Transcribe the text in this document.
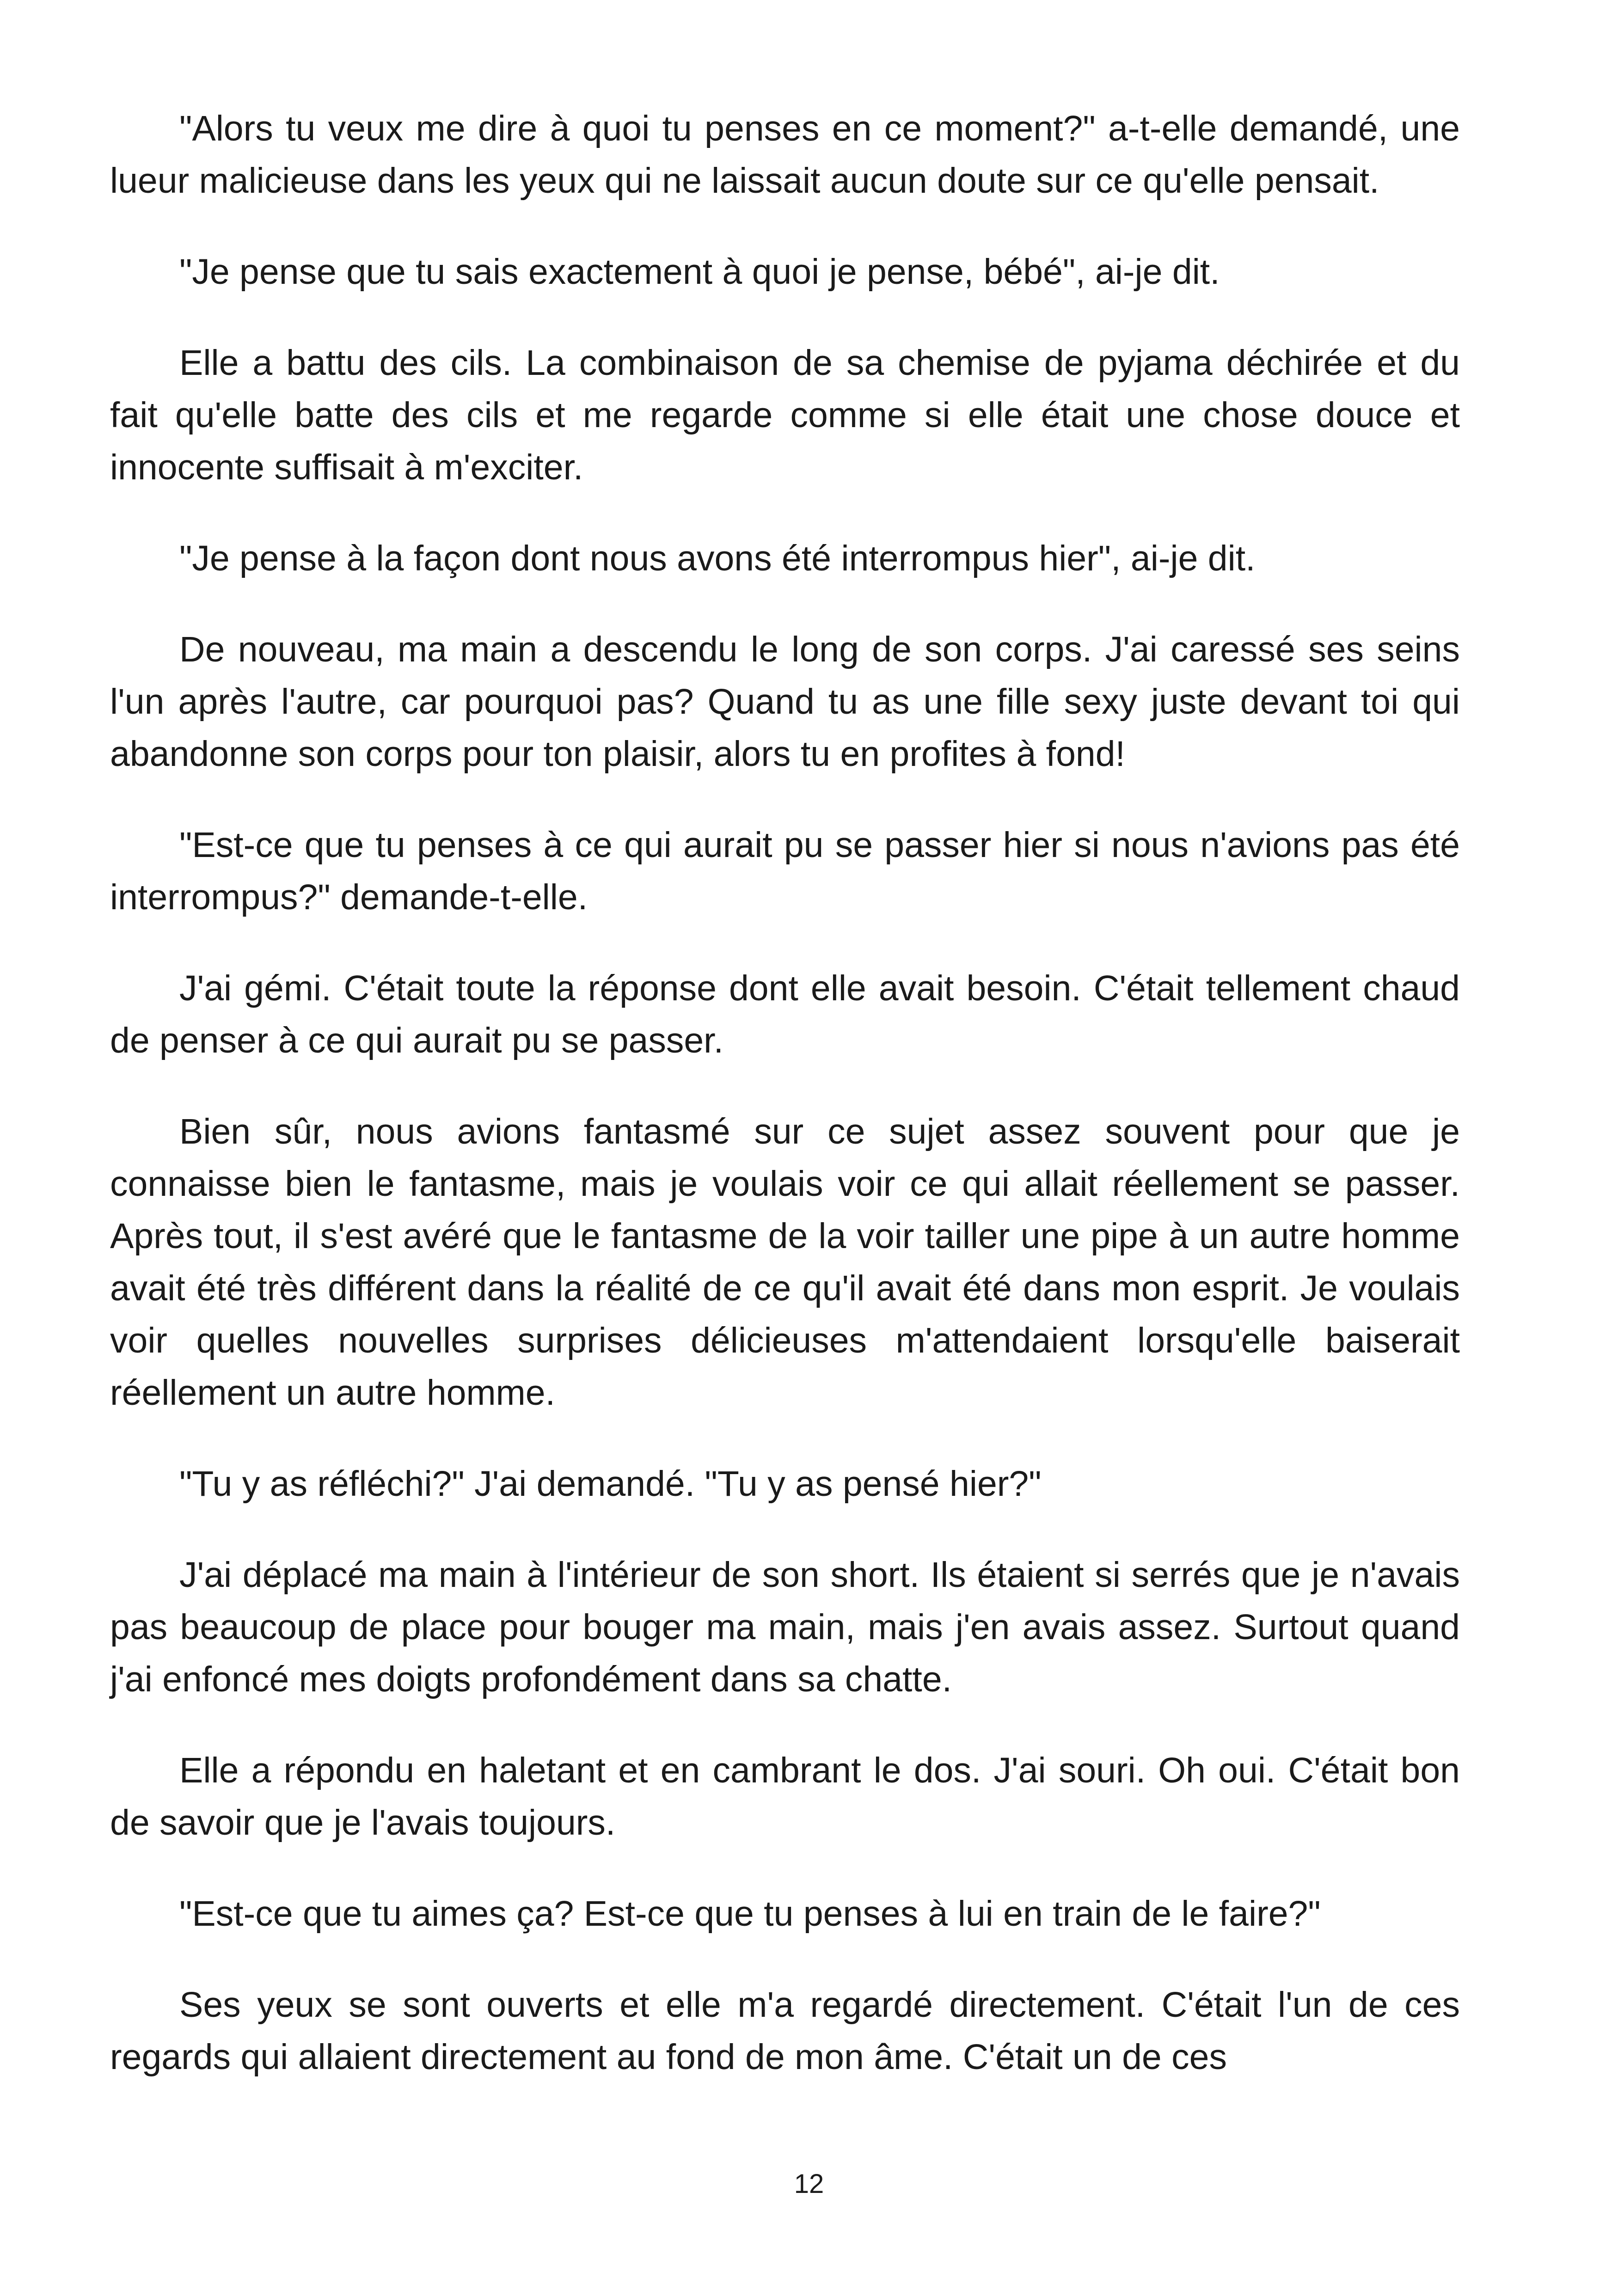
"Alors tu veux me dire à quoi tu penses en ce moment?" a-t-elle demandé, une lueur malicieuse dans les yeux qui ne laissait aucun doute sur ce qu'elle pensait.

"Je pense que tu sais exactement à quoi je pense, bébé", ai-je dit.

Elle a battu des cils. La combinaison de sa chemise de pyjama déchirée et du fait qu'elle batte des cils et me regarde comme si elle était une chose douce et innocente suffisait à m'exciter.

"Je pense à la façon dont nous avons été interrompus hier", ai-je dit.

De nouveau, ma main a descendu le long de son corps. J'ai caressé ses seins l'un après l'autre, car pourquoi pas? Quand tu as une fille sexy juste devant toi qui abandonne son corps pour ton plaisir, alors tu en profites à fond!

"Est-ce que tu penses à ce qui aurait pu se passer hier si nous n'avions pas été interrompus?" demande-t-elle.

J'ai gémi. C'était toute la réponse dont elle avait besoin. C'était tellement chaud de penser à ce qui aurait pu se passer.

Bien sûr, nous avions fantasmé sur ce sujet assez souvent pour que je connaisse bien le fantasme, mais je voulais voir ce qui allait réellement se passer. Après tout, il s'est avéré que le fantasme de la voir tailler une pipe à un autre homme avait été très différent dans la réalité de ce qu'il avait été dans mon esprit. Je voulais voir quelles nouvelles surprises délicieuses m'attendaient lorsqu'elle baiserait réellement un autre homme.

"Tu y as réfléchi?" J'ai demandé. "Tu y as pensé hier?"

J'ai déplacé ma main à l'intérieur de son short. Ils étaient si serrés que je n'avais pas beaucoup de place pour bouger ma main, mais j'en avais assez. Surtout quand j'ai enfoncé mes doigts profondément dans sa chatte.

Elle a répondu en haletant et en cambrant le dos. J'ai souri. Oh oui. C'était bon de savoir que je l'avais toujours.

"Est-ce que tu aimes ça? Est-ce que tu penses à lui en train de le faire?"

Ses yeux se sont ouverts et elle m'a regardé directement. C'était l'un de ces regards qui allaient directement au fond de mon âme. C'était un de ces

12
